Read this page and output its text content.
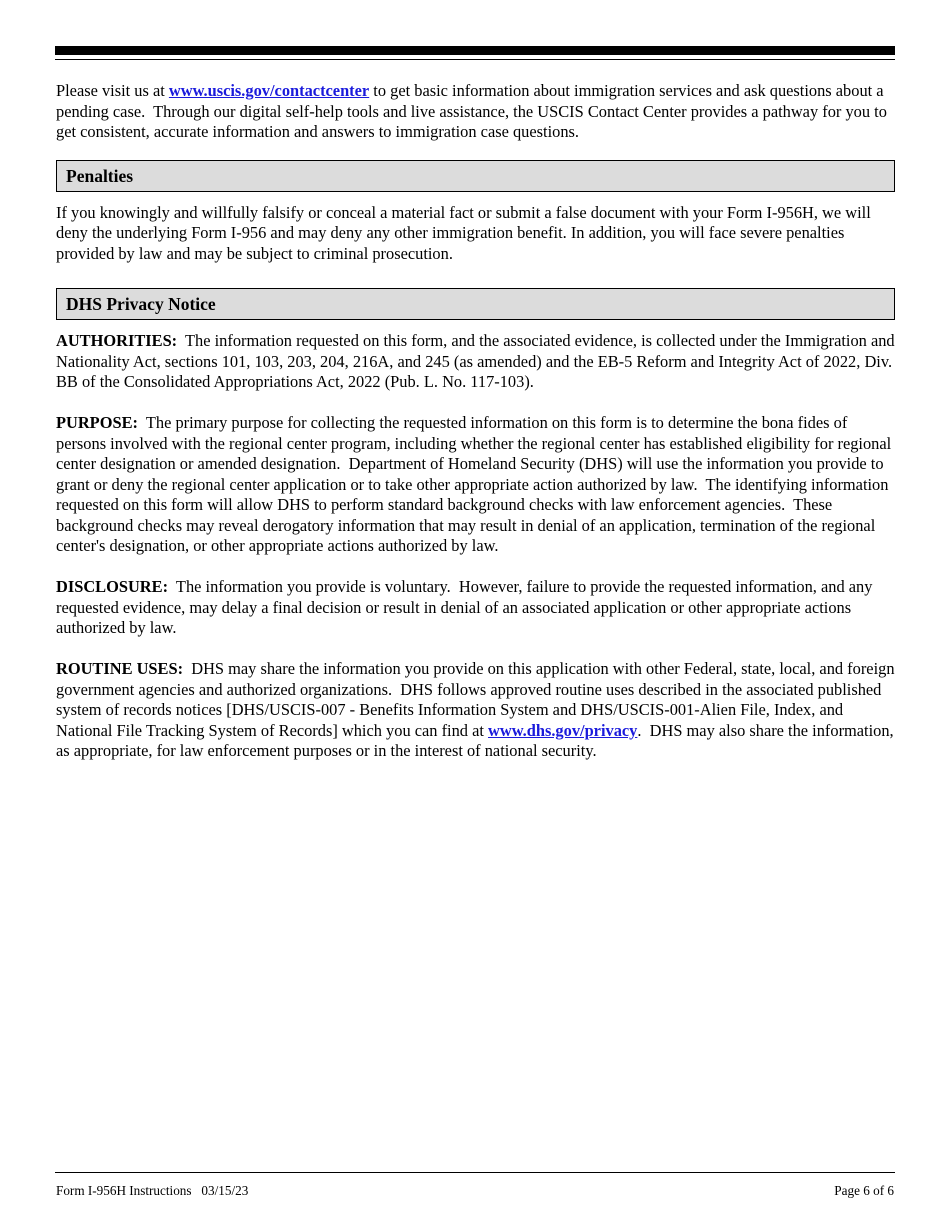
Please visit us at www.uscis.gov/contactcenter to get basic information about immigration services and ask questions about a pending case.  Through our digital self-help tools and live assistance, the USCIS Contact Center provides a pathway for you to get consistent, accurate information and answers to immigration case questions.

Penalties

If you knowingly and willfully falsify or conceal a material fact or submit a false document with your Form I-956H, we will deny the underlying Form I-956 and may deny any other immigration benefit. In addition, you will face severe penalties provided by law and may be subject to criminal prosecution.

DHS Privacy Notice

AUTHORITIES:  The information requested on this form, and the associated evidence, is collected under the Immigration and Nationality Act, sections 101, 103, 203, 204, 216A, and 245 (as amended) and the EB-5 Reform and Integrity Act of 2022, Div. BB of the Consolidated Appropriations Act, 2022 (Pub. L. No. 117-103).

PURPOSE:  The primary purpose for collecting the requested information on this form is to determine the bona fides of persons involved with the regional center program, including whether the regional center has established eligibility for regional center designation or amended designation.  Department of Homeland Security (DHS) will use the information you provide to grant or deny the regional center application or to take other appropriate action authorized by law.  The identifying information requested on this form will allow DHS to perform standard background checks with law enforcement agencies.  These background checks may reveal derogatory information that may result in denial of an application, termination of the regional center's designation, or other appropriate actions authorized by law.

DISCLOSURE:  The information you provide is voluntary.  However, failure to provide the requested information, and any requested evidence, may delay a final decision or result in denial of an associated application or other appropriate actions authorized by law.

ROUTINE USES:  DHS may share the information you provide on this application with other Federal, state, local, and foreign government agencies and authorized organizations.  DHS follows approved routine uses described in the associated published system of records notices [DHS/USCIS-007 - Benefits Information System and DHS/USCIS-001-Alien File, Index, and National File Tracking System of Records] which you can find at www.dhs.gov/privacy.  DHS may also share the information, as appropriate, for law enforcement purposes or in the interest of national security.

Form I-956H Instructions   03/15/23	Page 6 of 6
